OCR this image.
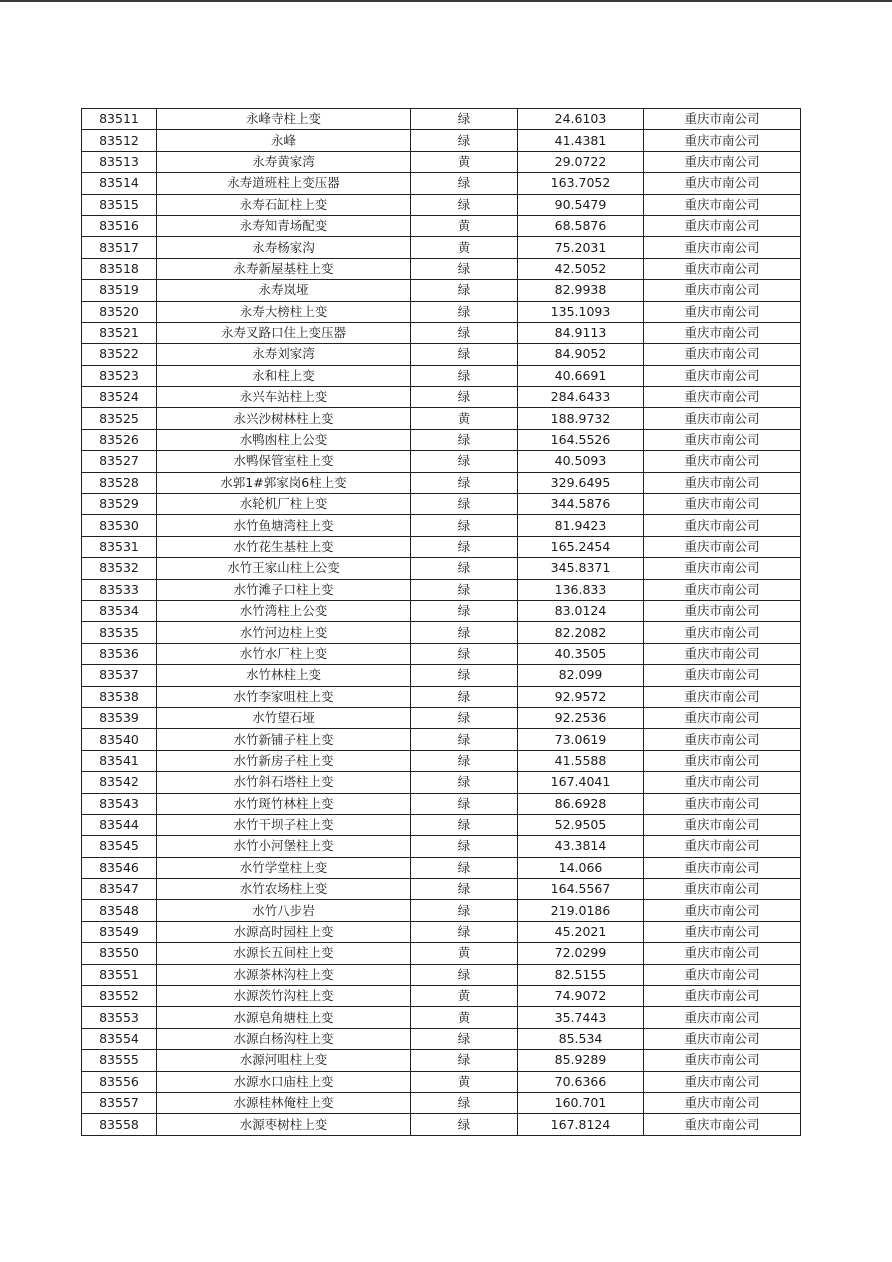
83511	永峰寺柱上变	绿	24.6103	重庆市南公司
83512	永峰	绿	41.4381	重庆市南公司
83513	永寿黄家湾	黄	29.0722	重庆市南公司
83514	永寿道班柱上变压器	绿	163.7052	重庆市南公司
83515	永寿石缸柱上变	绿	90.5479	重庆市南公司
83516	永寿知青场配变	黄	68.5876	重庆市南公司
83517	永寿杨家沟	黄	75.2031	重庆市南公司
83518	永寿新屋基柱上变	绿	42.5052	重庆市南公司
83519	永寿岚垭	绿	82.9938	重庆市南公司
83520	永寿大榜柱上变	绿	135.1093	重庆市南公司
83521	永寿叉路口住上变压器	绿	84.9113	重庆市南公司
83522	永寿刘家湾	绿	84.9052	重庆市南公司
83523	永和柱上变	绿	40.6691	重庆市南公司
83524	永兴车站柱上变	绿	284.6433	重庆市南公司
83525	永兴沙树林柱上变	黄	188.9732	重庆市南公司
83526	水鸭凼柱上公变	绿	164.5526	重庆市南公司
83527	水鸭保管室柱上变	绿	40.5093	重庆市南公司
83528	水郭1#郭家岗6柱上变	绿	329.6495	重庆市南公司
83529	水轮机厂柱上变	绿	344.5876	重庆市南公司
83530	水竹鱼塘湾柱上变	绿	81.9423	重庆市南公司
83531	水竹花生基柱上变	绿	165.2454	重庆市南公司
83532	水竹王家山柱上公变	绿	345.8371	重庆市南公司
83533	水竹滩子口柱上变	绿	136.833	重庆市南公司
83534	水竹湾柱上公变	绿	83.0124	重庆市南公司
83535	水竹河边柱上变	绿	82.2082	重庆市南公司
83536	水竹水厂柱上变	绿	40.3505	重庆市南公司
83537	水竹林柱上变	绿	82.099	重庆市南公司
83538	水竹李家咀柱上变	绿	92.9572	重庆市南公司
83539	水竹望石垭	绿	92.2536	重庆市南公司
83540	水竹新铺子柱上变	绿	73.0619	重庆市南公司
83541	水竹新房子柱上变	绿	41.5588	重庆市南公司
83542	水竹斜石塔柱上变	绿	167.4041	重庆市南公司
83543	水竹斑竹林柱上变	绿	86.6928	重庆市南公司
83544	水竹干坝子柱上变	绿	52.9505	重庆市南公司
83545	水竹小河堡柱上变	绿	43.3814	重庆市南公司
83546	水竹学堂柱上变	绿	14.066	重庆市南公司
83547	水竹农场柱上变	绿	164.5567	重庆市南公司
83548	水竹八步岩	绿	219.0186	重庆市南公司
83549	水源高时园柱上变	绿	45.2021	重庆市南公司
83550	水源长五间柱上变	黄	72.0299	重庆市南公司
83551	水源茶林沟柱上变	绿	82.5155	重庆市南公司
83552	水源茨竹沟柱上变	黄	74.9072	重庆市南公司
83553	水源皂角塘柱上变	黄	35.7443	重庆市南公司
83554	水源白杨沟柱上变	绿	85.534	重庆市南公司
83555	水源河咀柱上变	绿	85.9289	重庆市南公司
83556	水源水口庙柱上变	黄	70.6366	重庆市南公司
83557	水源桂林俺柱上变	绿	160.701	重庆市南公司
83558	水源枣树柱上变	绿	167.8124	重庆市南公司
